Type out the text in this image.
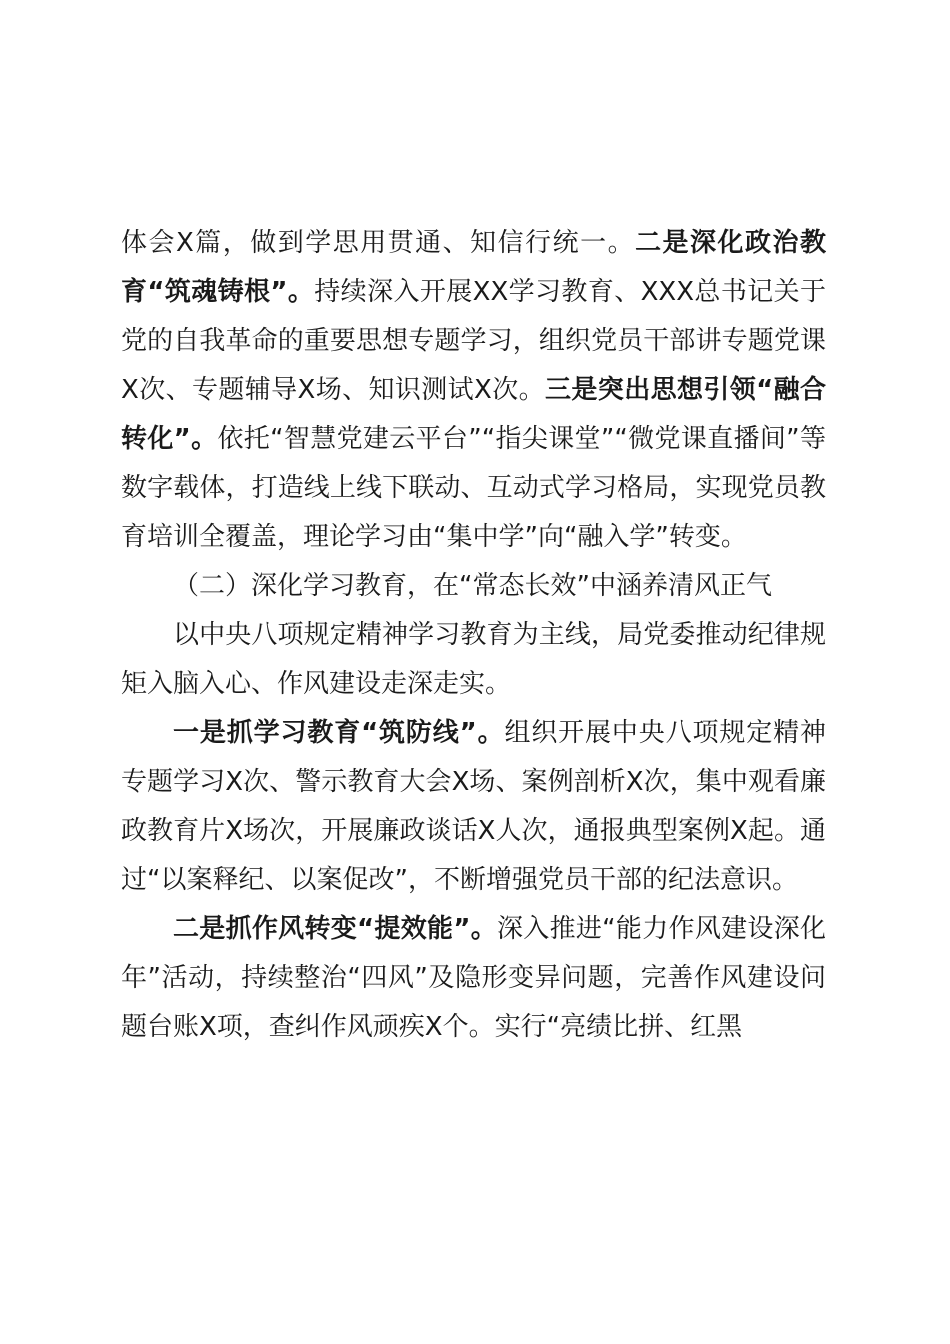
体会X篇，做到学思用贯通、知信行统一。二是深化政治教育“筑魂铸根”。持续深入开展XX学习教育、XXX总书记关于党的自我革命的重要思想专题学习，组织党员干部讲专题党课X次、专题辅导X场、知识测试X次。三是突出思想引领“融合转化”。依托“智慧党建云平台”“指尖课堂”“微党课直播间”等数字载体，打造线上线下联动、互动式学习格局，实现党员教育培训全覆盖，理论学习由“集中学”向“融入学”转变。

（二）深化学习教育，在“常态长效”中涵养清风正气

以中央八项规定精神学习教育为主线，局党委推动纪律规矩入脑入心、作风建设走深走实。

一是抓学习教育“筑防线”。组织开展中央八项规定精神专题学习X次、警示教育大会X场、案例剖析X次，集中观看廉政教育片X场次，开展廉政谈话X人次，通报典型案例X起。通过“以案释纪、以案促改”，不断增强党员干部的纪法意识。

二是抓作风转变“提效能”。深入推进“能力作风建设深化年”活动，持续整治“四风”及隐形变异问题，完善作风建设问题台账X项，查纠作风顽疾X个。实行“亮绩比拼、红黑
